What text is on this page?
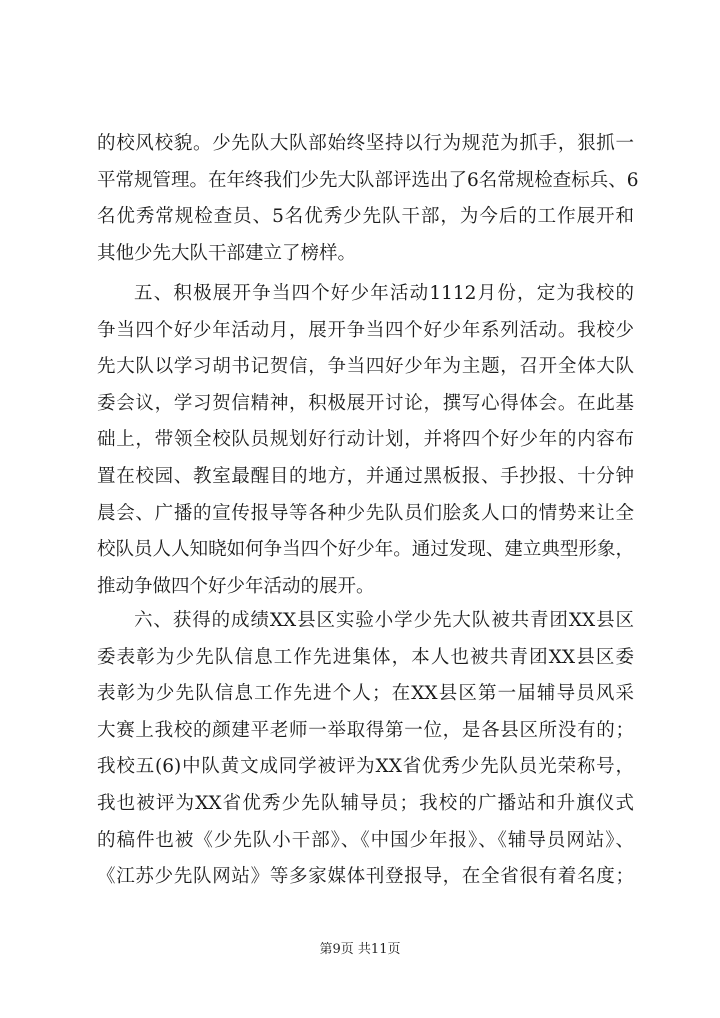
的校风校貌。少先队大队部始终坚持以行为规范为抓手，狠抓一
平常规管理。在年终我们少先大队部评选出了6名常规检查标兵、6
名优秀常规检查员、5名优秀少先队干部，为今后的工作展开和
其他少先大队干部建立了榜样。
五、积极展开争当四个好少年活动1112月份，定为我校的
争当四个好少年活动月，展开争当四个好少年系列活动。我校少
先大队以学习胡书记贺信，争当四好少年为主题，召开全体大队
委会议，学习贺信精神，积极展开讨论，撰写心得体会。在此基
础上，带领全校队员规划好行动计划，并将四个好少年的内容布
置在校园、教室最醒目的地方，并通过黑板报、手抄报、十分钟
晨会、广播的宣传报导等各种少先队员们脍炙人口的情势来让全
校队员人人知晓如何争当四个好少年。通过发现、建立典型形象，
推动争做四个好少年活动的展开。
六、获得的成绩XX县区实验小学少先大队被共青团XX县区
委表彰为少先队信息工作先进集体，本人也被共青团XX县区委
表彰为少先队信息工作先进个人；在XX县区第一届辅导员风采
大赛上我校的颜建平老师一举取得第一位，是各县区所没有的；
我校五(6)中队黄文成同学被评为XX省优秀少先队员光荣称号，
我也被评为XX省优秀少先队辅导员；我校的广播站和升旗仪式
的稿件也被《少先队小干部》、《中国少年报》、《辅导员网站》、
《江苏少先队网站》等多家媒体刊登报导，在全省很有着名度；
第9页 共11页
